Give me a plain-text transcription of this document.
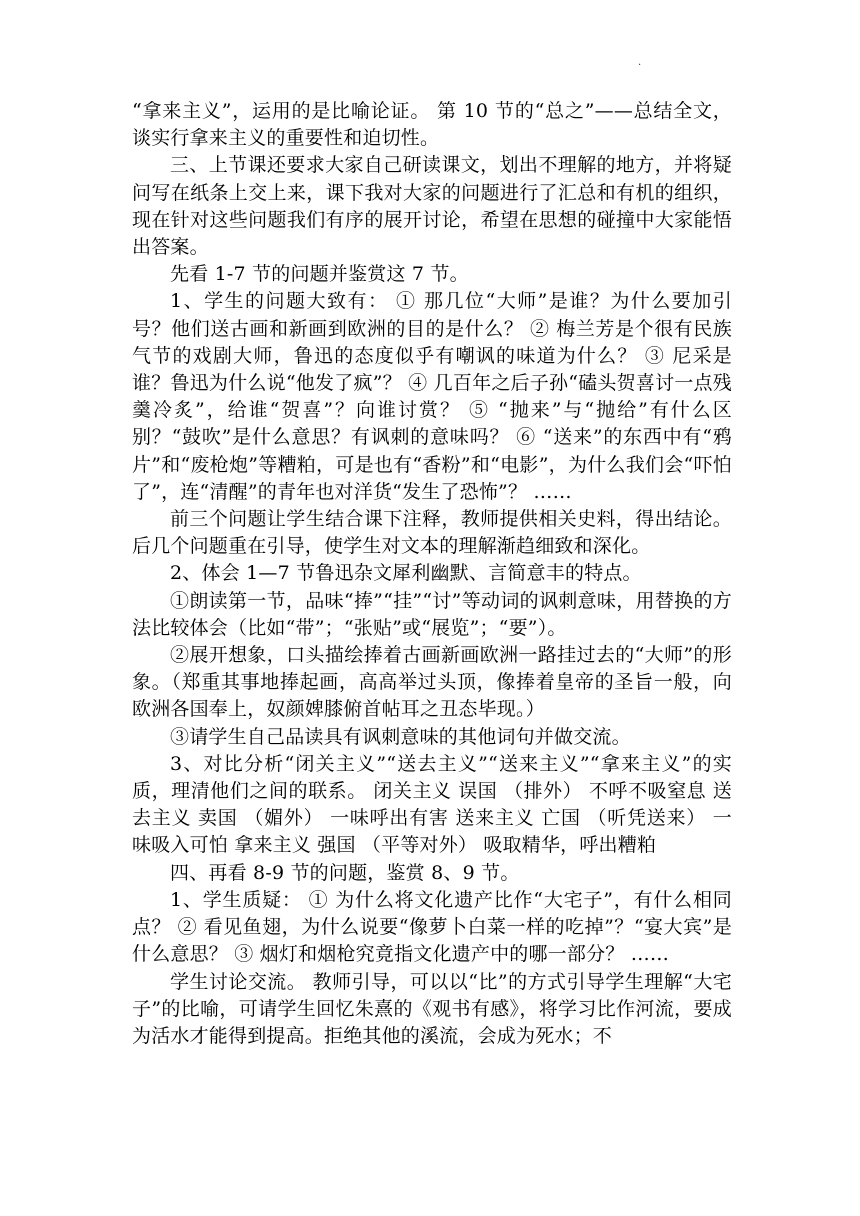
.

“拿来主义”，运用的是比喻论证。 第 10 节的“总之”——总结全文，谈实行拿来主义的重要性和迫切性。

三、上节课还要求大家自己研读课文，划出不理解的地方，并将疑问写在纸条上交上来，课下我对大家的问题进行了汇总和有机的组织，现在针对这些问题我们有序的展开讨论，希望在思想的碰撞中大家能悟出答案。

先看 1-7 节的问题并鉴赏这 7 节。

1、学生的问题大致有： ① 那几位“大师”是谁？为什么要加引号？他们送古画和新画到欧洲的目的是什么？ ② 梅兰芳是个很有民族气节的戏剧大师，鲁迅的态度似乎有嘲讽的味道为什么？ ③ 尼采是谁？鲁迅为什么说“他发了疯”？ ④ 几百年之后子孙“磕头贺喜讨一点残羹冷炙”，给谁“贺喜”？向谁讨赏？ ⑤ “抛来”与“抛给”有什么区别？“鼓吹”是什么意思？有讽刺的意味吗？ ⑥ “送来”的东西中有“鸦片”和“废枪炮”等糟粕，可是也有“香粉”和“电影”，为什么我们会“吓怕了”，连“清醒”的青年也对洋货“发生了恐怖”？ ……

前三个问题让学生结合课下注释，教师提供相关史料，得出结论。后几个问题重在引导，使学生对文本的理解渐趋细致和深化。

2、体会 1—7 节鲁迅杂文犀利幽默、言简意丰的特点。

①朗读第一节，品味“捧”“挂”“讨”等动词的讽刺意味，用替换的方法比较体会（比如“带”；“张贴”或“展览”；“要”）。

②展开想象，口头描绘捧着古画新画欧洲一路挂过去的“大师”的形象。（郑重其事地捧起画，高高举过头顶，像捧着皇帝的圣旨一般，向欧洲各国奉上，奴颜婢膝俯首帖耳之丑态毕现。）

③请学生自己品读具有讽刺意味的其他词句并做交流。

3、对比分析“闭关主义”“送去主义”“送来主义”“拿来主义”的实质，理清他们之间的联系。 闭关主义 误国 （排外） 不呼不吸窒息 送去主义 卖国 （媚外） 一味呼出有害 送来主义 亡国 （听凭送来） 一味吸入可怕 拿来主义 强国 （平等对外） 吸取精华，呼出糟粕

四、再看 8-9 节的问题，鉴赏 8、9 节。

1、学生质疑： ① 为什么将文化遗产比作“大宅子”，有什么相同点？ ② 看见鱼翅，为什么说要“像萝卜白菜一样的吃掉”？“宴大宾”是什么意思？ ③ 烟灯和烟枪究竟指文化遗产中的哪一部分？ ……

学生讨论交流。 教师引导，可以以“比”的方式引导学生理解“大宅子”的比喻，可请学生回忆朱熹的《观书有感》，将学习比作河流，要成为活水才能得到提高。拒绝其他的溪流，会成为死水；不
